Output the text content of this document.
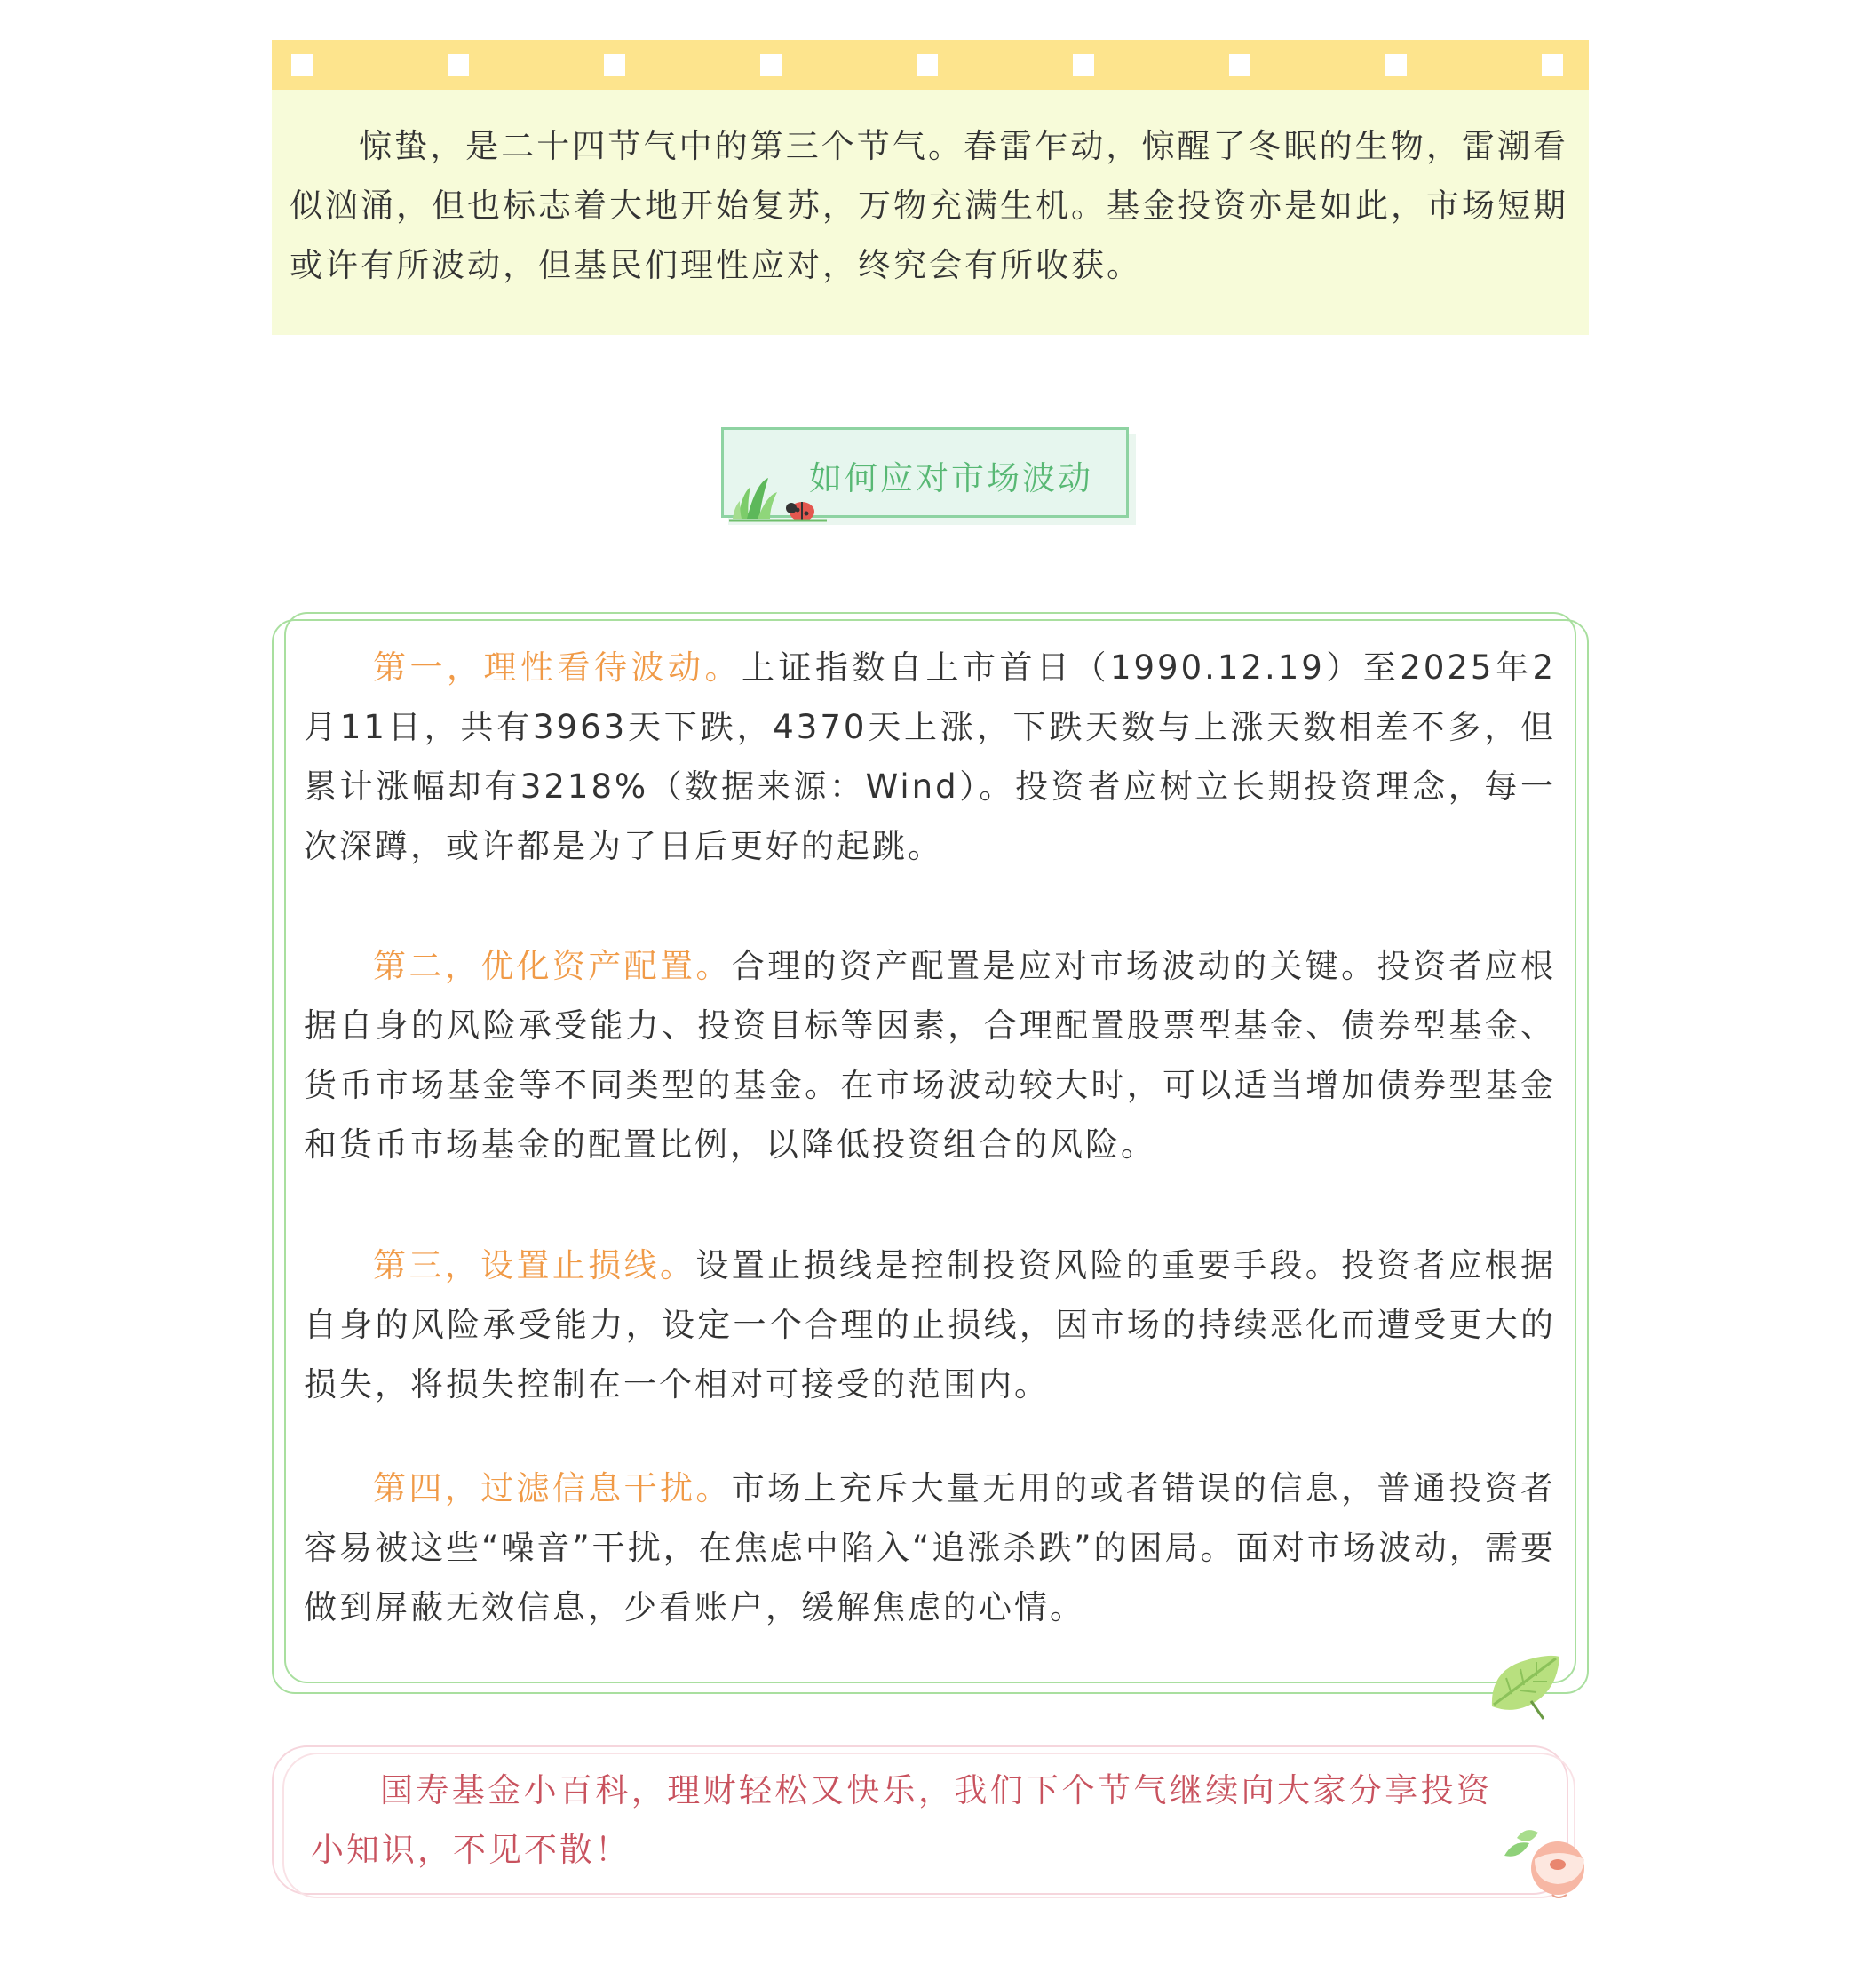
惊蛰，是二十四节气中的第三个节气。春雷乍动，惊醒了冬眠的生物，雷潮看似汹涌，但也标志着大地开始复苏，万物充满生机。基金投资亦是如此，市场短期或许有所波动，但基民们理性应对，终究会有所收获。

如何应对市场波动

第一，理性看待波动。上证指数自上市首日（1990.12.19）至2025年2月11日，共有3963天下跌，4370天上涨，下跌天数与上涨天数相差不多，但累计涨幅却有3218%（数据来源：Wind）。投资者应树立长期投资理念，每一次深蹲，或许都是为了日后更好的起跳。

第二，优化资产配置。合理的资产配置是应对市场波动的关键。投资者应根据自身的风险承受能力、投资目标等因素，合理配置股票型基金、债券型基金、货币市场基金等不同类型的基金。在市场波动较大时，可以适当增加债券型基金和货币市场基金的配置比例，以降低投资组合的风险。

第三，设置止损线。设置止损线是控制投资风险的重要手段。投资者应根据自身的风险承受能力，设定一个合理的止损线，因市场的持续恶化而遭受更大的损失，将损失控制在一个相对可接受的范围内。

第四，过滤信息干扰。市场上充斥大量无用的或者错误的信息，普通投资者容易被这些“噪音”干扰，在焦虑中陷入“追涨杀跌”的困局。面对市场波动，需要做到屏蔽无效信息，少看账户，缓解焦虑的心情。

国寿基金小百科，理财轻松又快乐，我们下个节气继续向大家分享投资小知识，不见不散！
